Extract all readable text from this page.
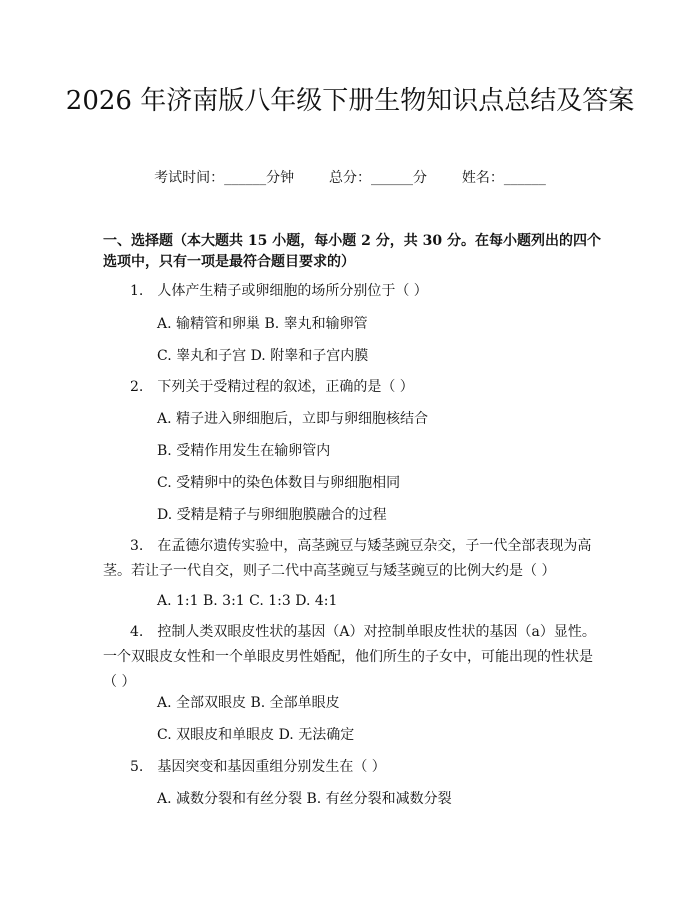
2026 年济南版八年级下册生物知识点总结及答案
考试时间：______分钟 总分：______分 姓名：______

一、选择题（本大题共 15 小题，每小题 2 分，共 30 分。在每小题列出的四个选项中，只有一项是最符合题目要求的）

1.　人体产生精子或卵细胞的场所分别位于（ ）
A. 输精管和卵巢 B. 睾丸和输卵管
C. 睾丸和子宫 D. 附睾和子宫内膜
2.　下列关于受精过程的叙述，正确的是（ ）
A. 精子进入卵细胞后，立即与卵细胞核结合
B. 受精作用发生在输卵管内
C. 受精卵中的染色体数目与卵细胞相同
D. 受精是精子与卵细胞膜融合的过程
3.　在孟德尔遗传实验中，高茎豌豆与矮茎豌豆杂交，子一代全部表现为高茎。若让子一代自交，则子二代中高茎豌豆与矮茎豌豆的比例大约是（ ）
A. 1:1 B. 3:1 C. 1:3 D. 4:1
4.　控制人类双眼皮性状的基因（A）对控制单眼皮性状的基因（a）显性。一个双眼皮女性和一个单眼皮男性婚配，他们所生的子女中，可能出现的性状是（ ）
A. 全部双眼皮 B. 全部单眼皮
C. 双眼皮和单眼皮 D. 无法确定
5.　基因突变和基因重组分别发生在（ ）
A. 减数分裂和有丝分裂 B. 有丝分裂和减数分裂
